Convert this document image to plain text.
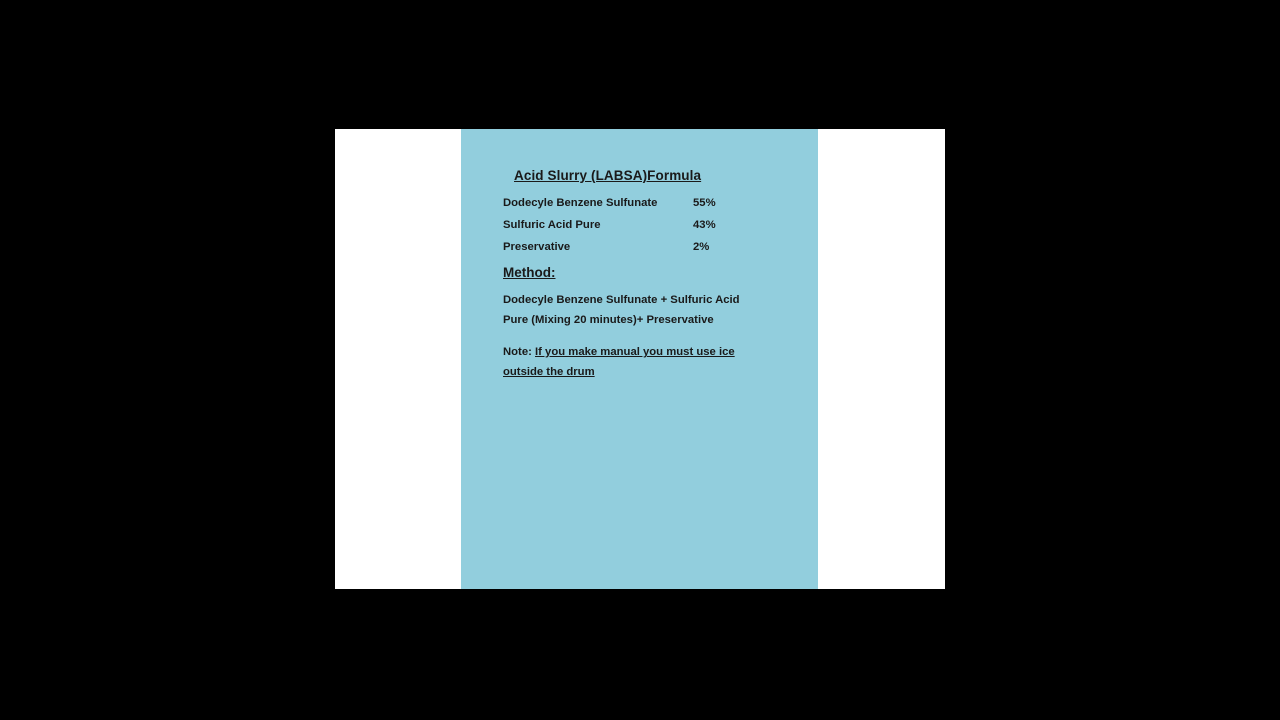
Acid Slurry (LABSA)Formula
Dodecyle Benzene Sulfunate	55%
Sulfuric Acid Pure	43%
Preservative	2%
Method:
Dodecyle Benzene Sulfunate + Sulfuric Acid Pure (Mixing 20 minutes)+ Preservative

Note: If you make manual you must use ice outside the drum
